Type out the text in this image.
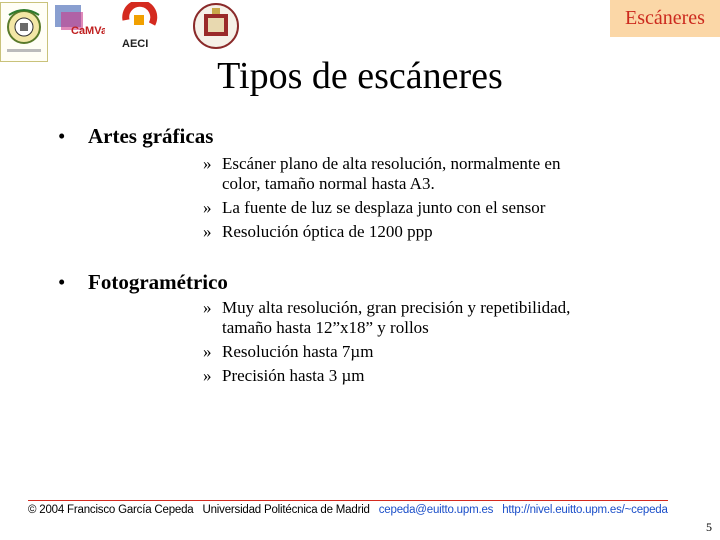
CaMVa
AECI
Escáneres
Tipos de escáneres
•	Artes gráficas
» Escáner plano de alta resolución, normalmente en
color, tamaño normal hasta A3.
» La fuente de luz se desplaza junto con el sensor
» Resolución óptica de 1200 ppp
•	Fotogramétrico
» Muy alta resolución, gran precisión y repetibilidad,
tamaño hasta 12”x18” y rollos
» Resolución hasta 7µm
» Precisión hasta 3 µm
© 2004 Francisco García Cepeda Universidad Politécnica de Madrid cepeda@euitto.upm.es http://nivel.euitto.upm.es/~cepeda
5
